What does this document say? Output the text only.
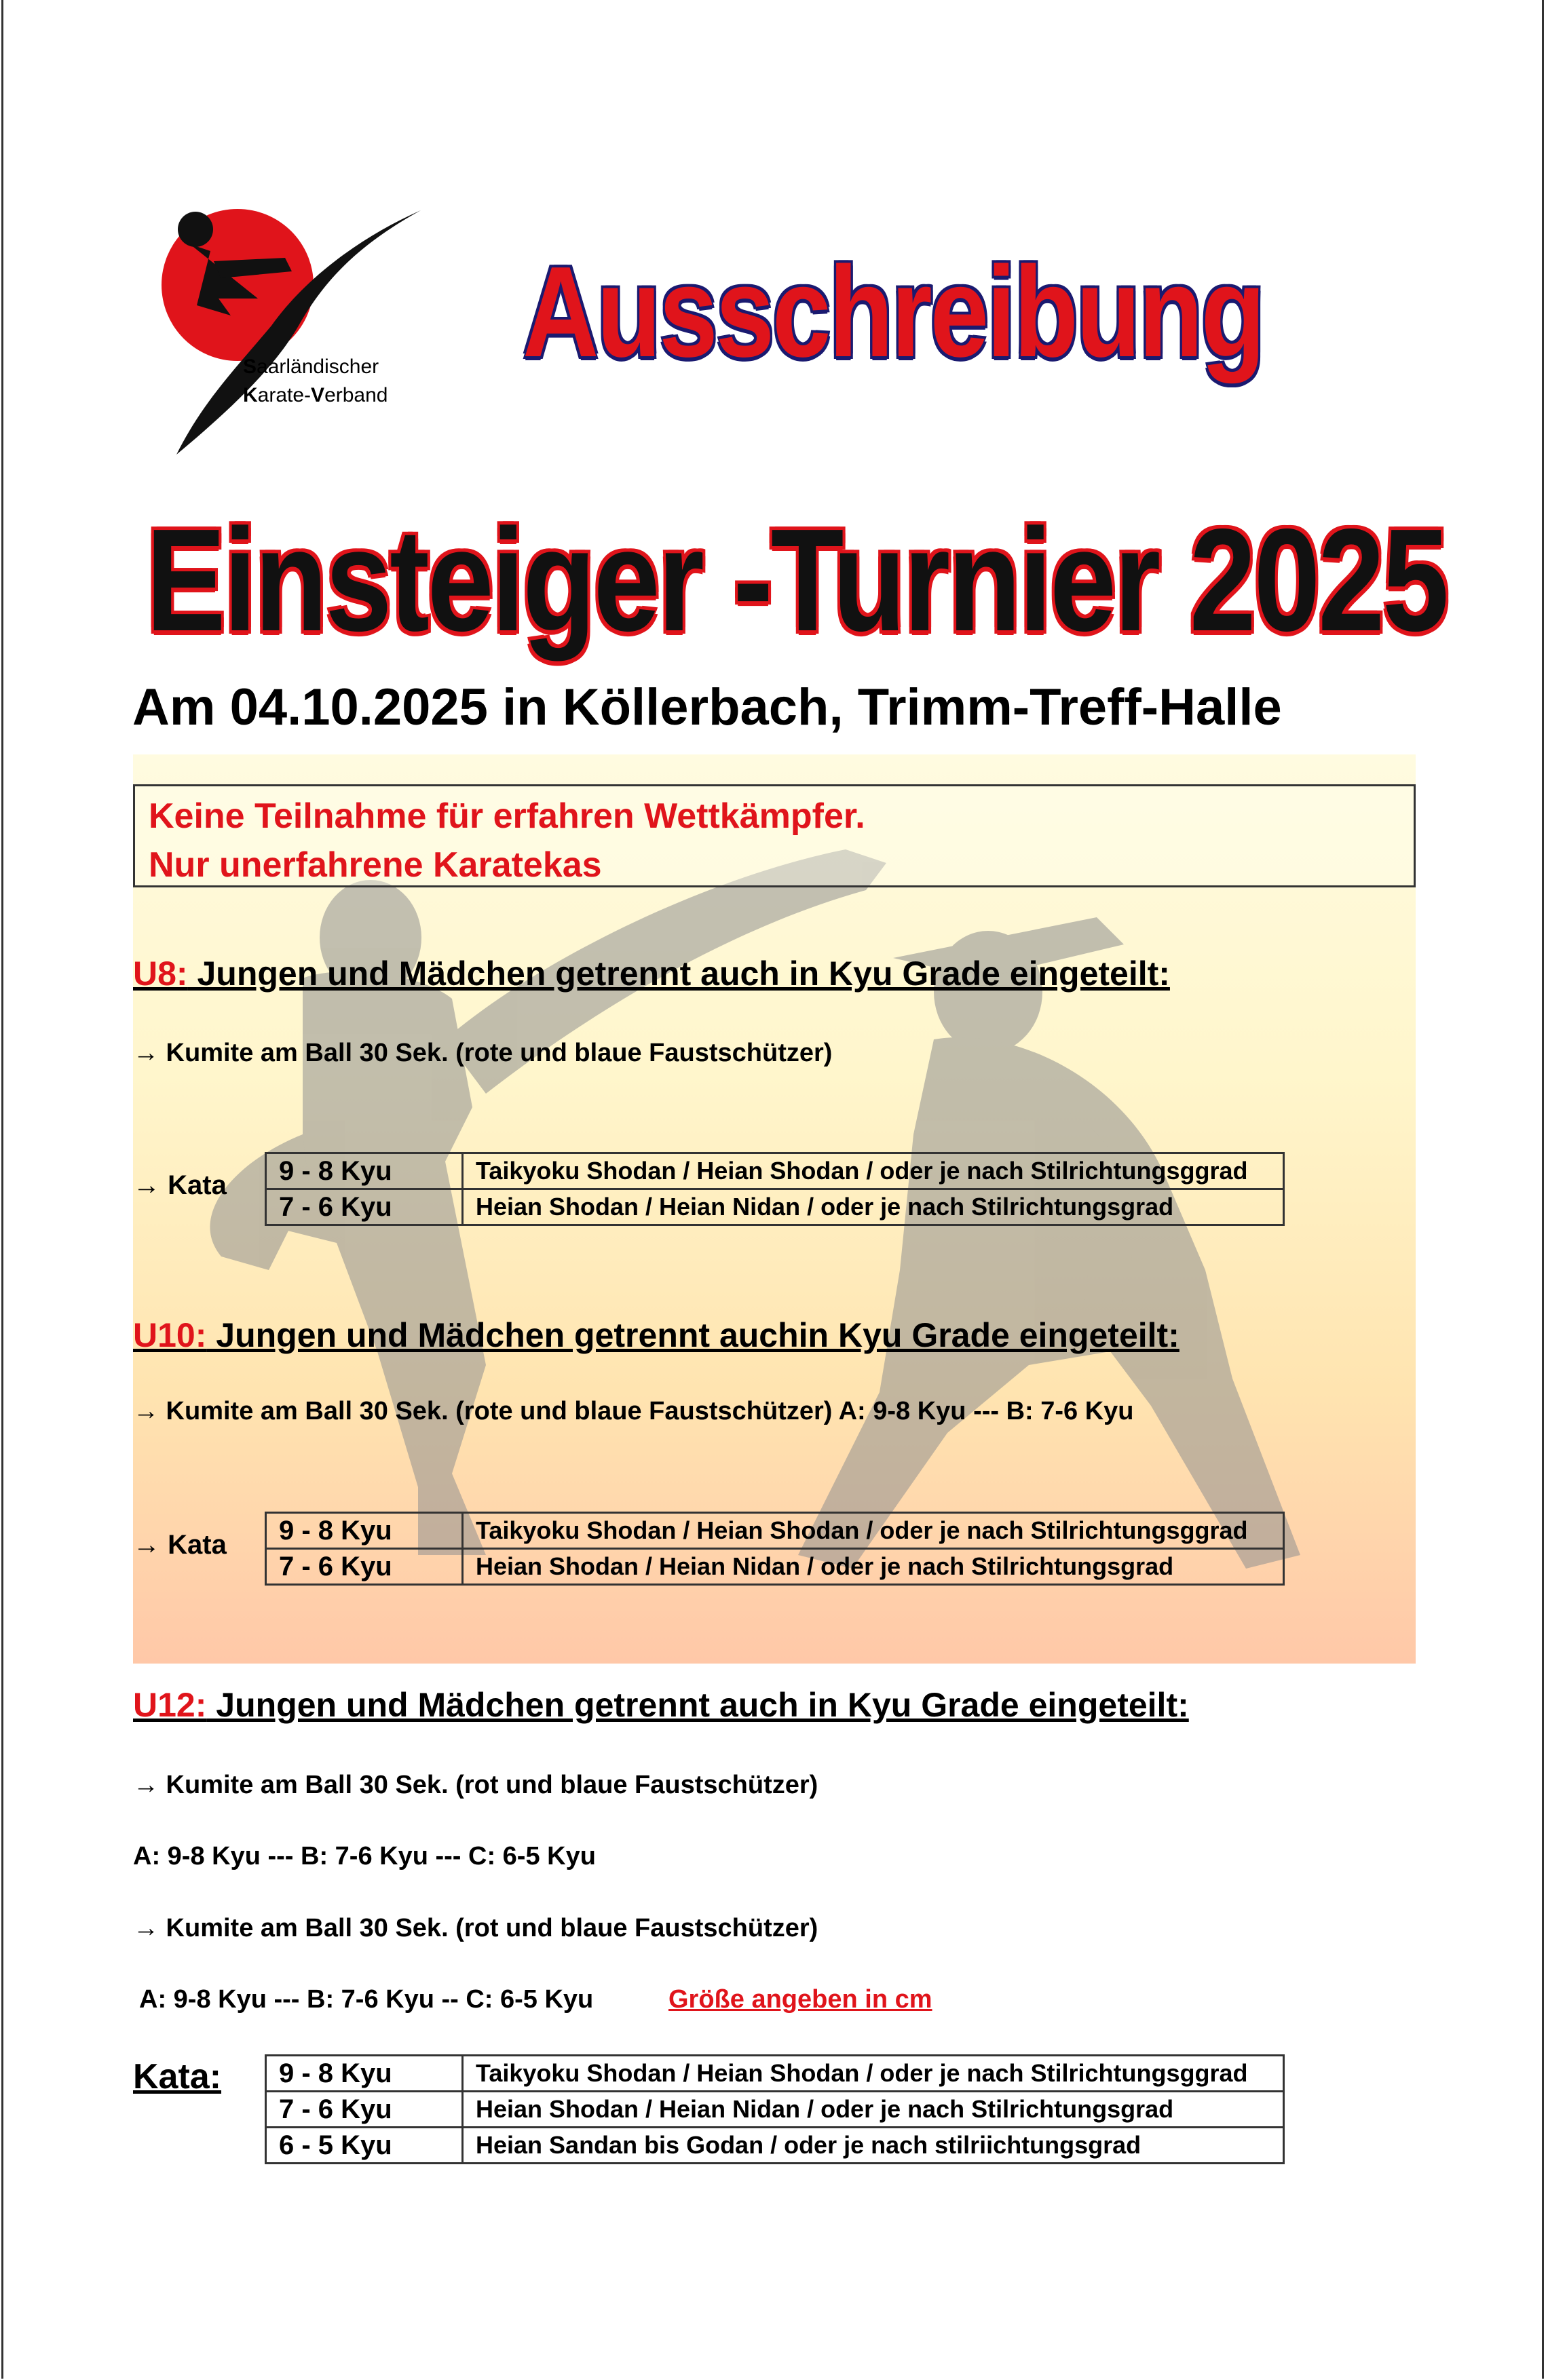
Saarländischer
Karate-Verband
Ausschreibung
Einsteiger -Turnier 2025
Am 04.10.2025 in Köllerbach, Trimm-Treff-Halle
Keine Teilnahme für erfahren Wettkämpfer.
Nur unerfahrene Karatekas
U8: Jungen und Mädchen getrennt auch in Kyu Grade eingeteilt:
→ Kumite am Ball 30 Sek. (rote und blaue Faustschützer)
→ Kata 9 - 8 Kyu	Taikyoku Shodan / Heian Shodan / oder je nach Stilrichtungsggrad
7 - 6 Kyu	Heian Shodan / Heian Nidan / oder je nach Stilrichtungsgrad
U10: Jungen und Mädchen getrennt auchin Kyu Grade eingeteilt:
→ Kumite am Ball 30 Sek. (rote und blaue Faustschützer) A: 9-8 Kyu --- B: 7-6 Kyu
→ Kata 9 - 8 Kyu	Taikyoku Shodan / Heian Shodan / oder je nach Stilrichtungsggrad
7 - 6 Kyu	Heian Shodan / Heian Nidan / oder je nach Stilrichtungsgrad
U12: Jungen und Mädchen getrennt auch in Kyu Grade eingeteilt:
→ Kumite am Ball 30 Sek. (rot und blaue Faustschützer)
A: 9-8 Kyu --- B: 7-6 Kyu --- C: 6-5 Kyu
→ Kumite am Ball 30 Sek. (rot und blaue Faustschützer)
A: 9-8 Kyu --- B: 7-6 Kyu -- C: 6-5 Kyu	Größe angeben in cm
Kata: 9 - 8 Kyu	Taikyoku Shodan / Heian Shodan / oder je nach Stilrichtungsggrad
7 - 6 Kyu	Heian Shodan / Heian Nidan / oder je nach Stilrichtungsgrad
6 - 5 Kyu	Heian Sandan bis Godan / oder je nach stilriichtungsgrad
